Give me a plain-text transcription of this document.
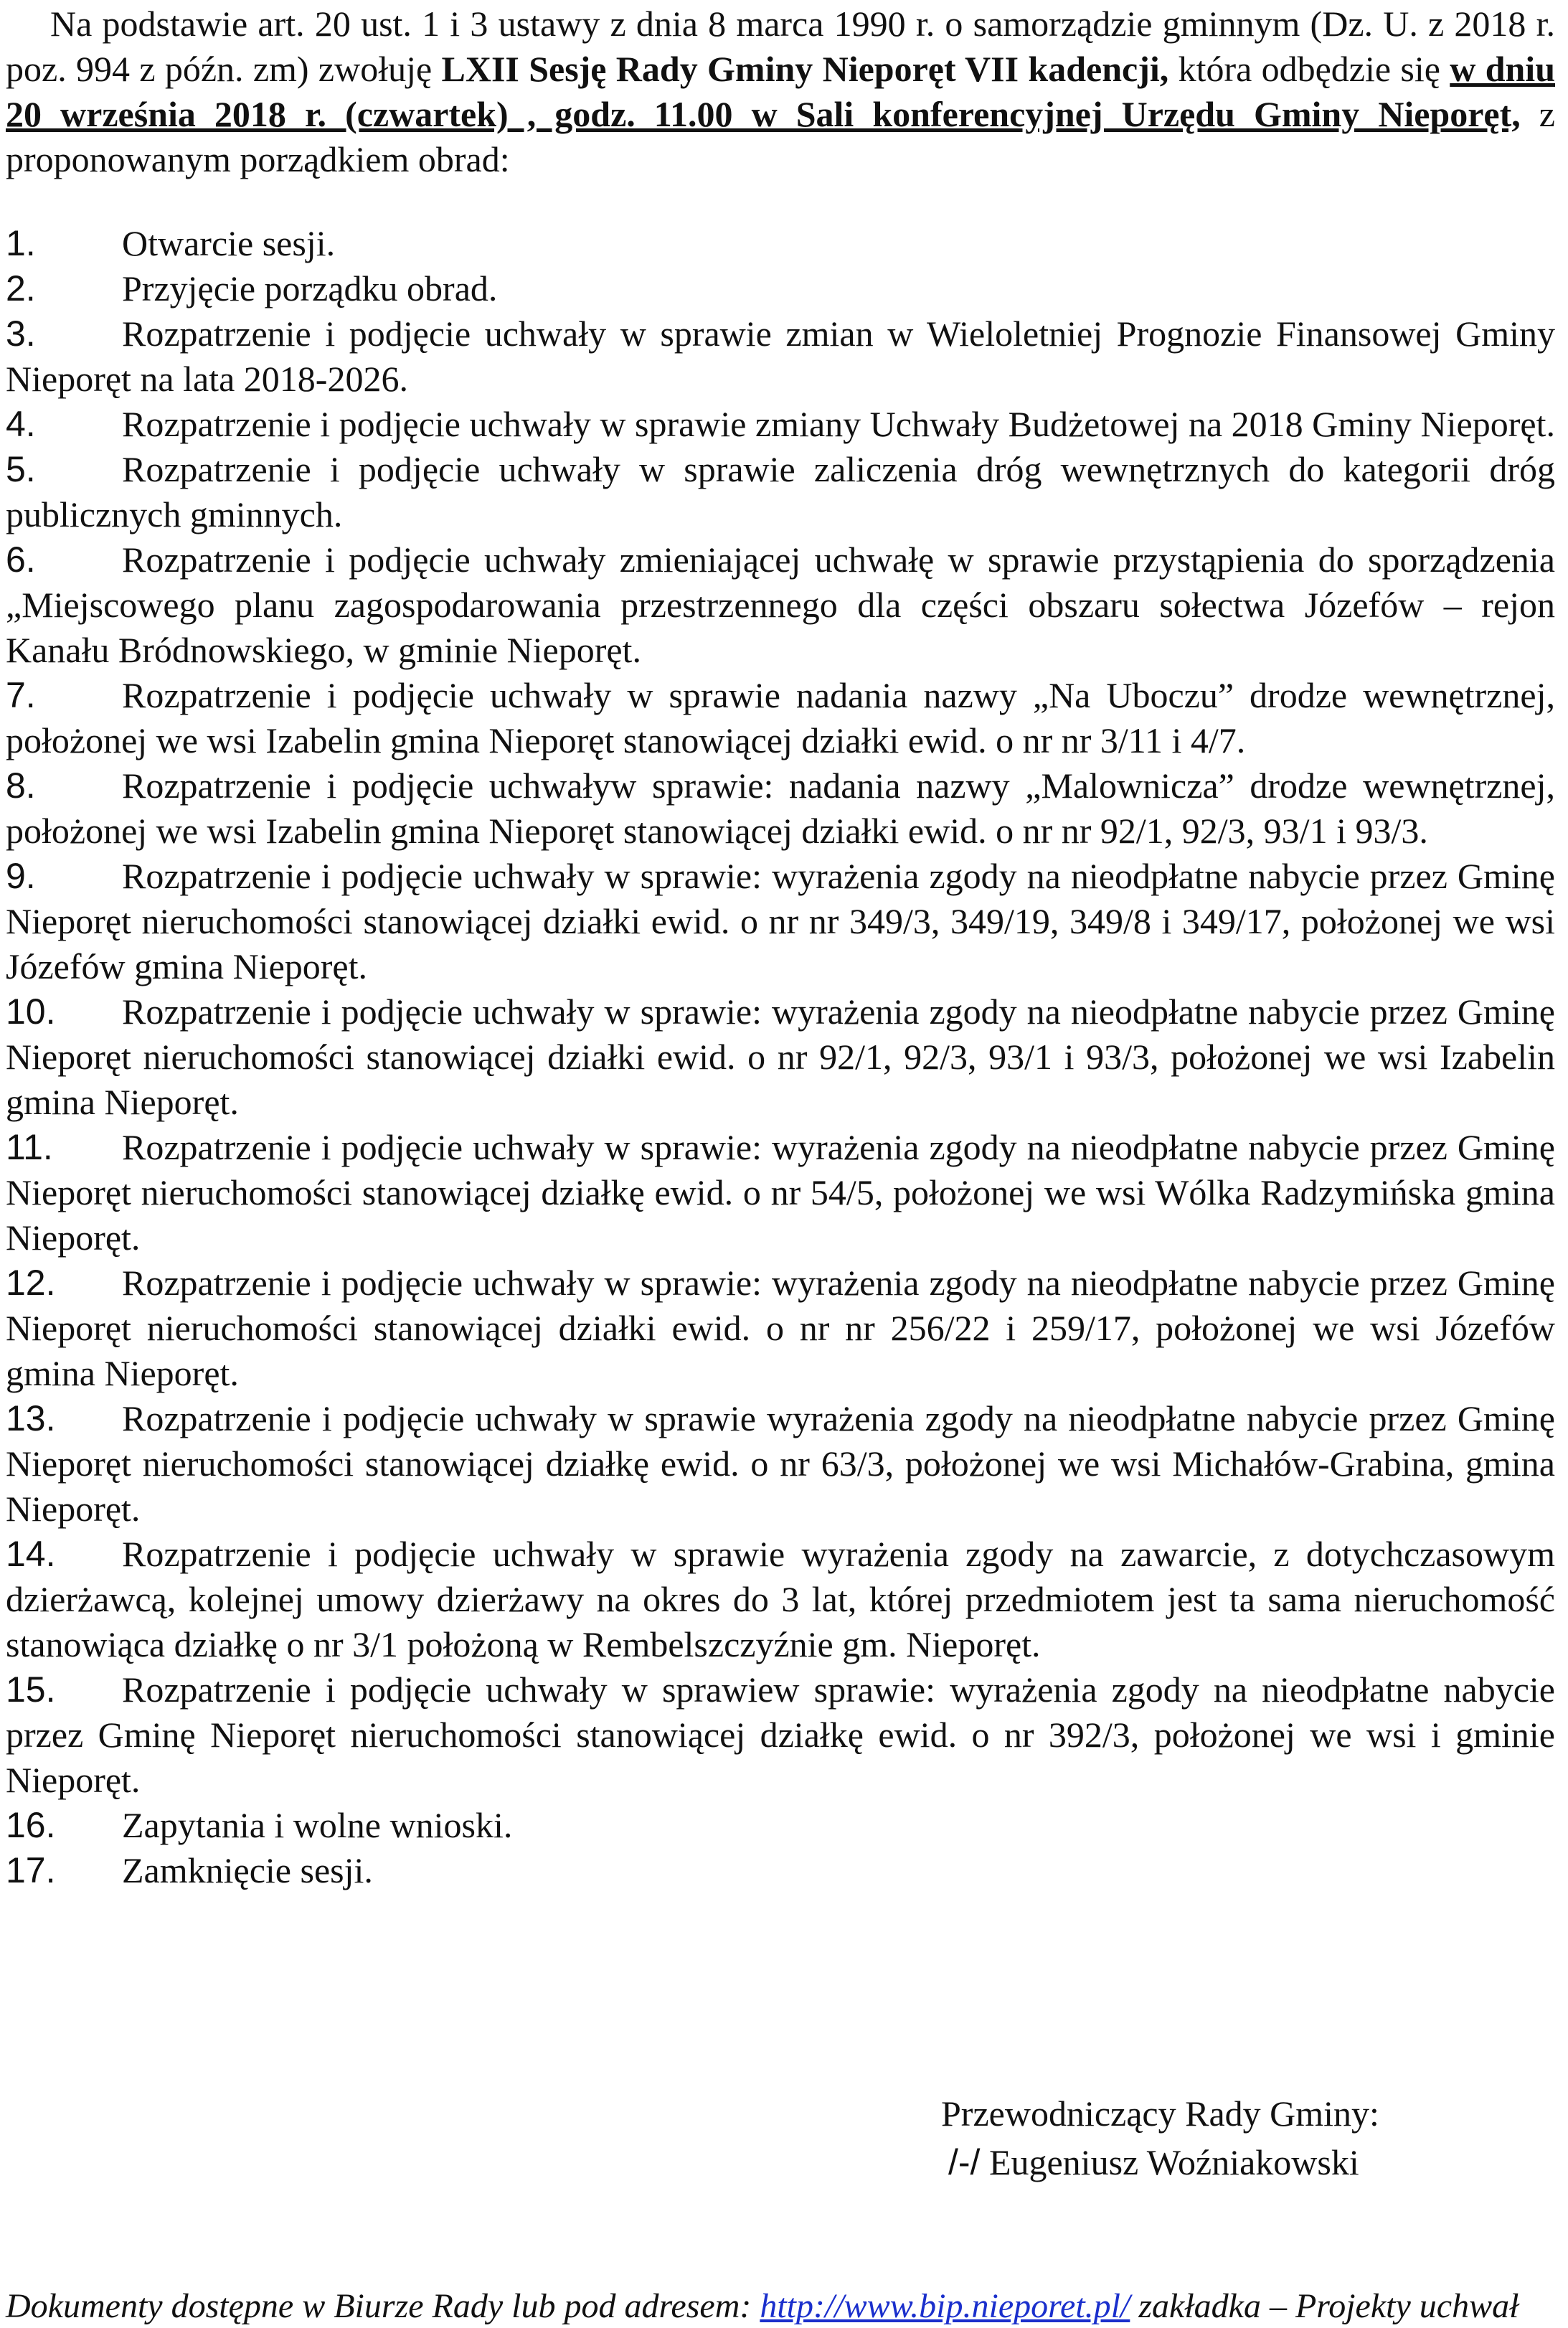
Na podstawie art. 20 ust. 1 i 3 ustawy z dnia 8 marca 1990 r. o samorządzie gminnym (Dz. U. z 2018 r. poz. 994 z późn. zm) zwołuję LXII Sesję Rady Gminy Nieporęt VII kadencji, która odbędzie się w dniu 20 września 2018 r. (czwartek) , godz. 11.00 w Sali konferencyjnej Urzędu Gminy Nieporęt, z proponowanym porządkiem obrad:

1. Otwarcie sesji.
2. Przyjęcie porządku obrad.
3. Rozpatrzenie i podjęcie uchwały w sprawie zmian w Wieloletniej Prognozie Finansowej Gminy Nieporęt na lata 2018-2026.
4. Rozpatrzenie i podjęcie uchwały w sprawie zmiany Uchwały Budżetowej na 2018 Gminy Nieporęt.
5. Rozpatrzenie i podjęcie uchwały w sprawie zaliczenia dróg wewnętrznych do kategorii dróg publicznych gminnych.
6. Rozpatrzenie i podjęcie uchwały zmieniającej uchwałę w sprawie przystąpienia do sporządzenia „Miejscowego planu zagospodarowania przestrzennego dla części obszaru sołectwa Józefów – rejon Kanału Bródnowskiego, w gminie Nieporęt.
7. Rozpatrzenie i podjęcie uchwały w sprawie nadania nazwy „Na Uboczu” drodze wewnętrznej, położonej we wsi Izabelin gmina Nieporęt stanowiącej działki ewid. o nr nr 3/11 i 4/7.
8. Rozpatrzenie i podjęcie uchwaływ sprawie: nadania nazwy „Malownicza” drodze wewnętrznej, położonej we wsi Izabelin gmina Nieporęt stanowiącej działki ewid. o nr nr 92/1, 92/3, 93/1 i 93/3.
9. Rozpatrzenie i podjęcie uchwały w sprawie: wyrażenia zgody na nieodpłatne nabycie przez Gminę Nieporęt nieruchomości stanowiącej działki ewid. o nr nr 349/3, 349/19, 349/8 i 349/17, położonej we wsi Józefów gmina Nieporęt.
10. Rozpatrzenie i podjęcie uchwały w sprawie: wyrażenia zgody na nieodpłatne nabycie przez Gminę Nieporęt nieruchomości stanowiącej działki ewid. o nr 92/1, 92/3, 93/1 i 93/3, położonej we wsi Izabelin gmina Nieporęt.
11. Rozpatrzenie i podjęcie uchwały w sprawie: wyrażenia zgody na nieodpłatne nabycie przez Gminę Nieporęt nieruchomości stanowiącej działkę ewid. o nr 54/5, położonej we wsi Wólka Radzymińska gmina Nieporęt.
12. Rozpatrzenie i podjęcie uchwały w sprawie: wyrażenia zgody na nieodpłatne nabycie przez Gminę Nieporęt nieruchomości stanowiącej działki ewid. o nr nr 256/22 i 259/17, położonej we wsi Józefów gmina Nieporęt.
13. Rozpatrzenie i podjęcie uchwały w sprawie wyrażenia zgody na nieodpłatne nabycie przez Gminę Nieporęt nieruchomości stanowiącej działkę ewid. o nr 63/3, położonej we wsi Michałów-Grabina, gmina Nieporęt.
14. Rozpatrzenie i podjęcie uchwały w sprawie wyrażenia zgody na zawarcie, z dotychczasowym dzierżawcą, kolejnej umowy dzierżawy na okres do 3 lat, której przedmiotem jest ta sama nieruchomość stanowiąca działkę o nr 3/1 położoną w Rembelszczyźnie gm. Nieporęt.
15. Rozpatrzenie i podjęcie uchwały w sprawiew sprawie: wyrażenia zgody na nieodpłatne nabycie przez Gminę Nieporęt nieruchomości stanowiącej działkę ewid. o nr 392/3, położonej we wsi i gminie Nieporęt.
16. Zapytania i wolne wnioski.
17. Zamknięcie sesji.
Przewodniczący Rady Gminy:
/-/ Eugeniusz Woźniakowski
Dokumenty dostępne w Biurze Rady lub pod adresem: http://www.bip.nieporet.pl/ zakładka – Projekty uchwał
